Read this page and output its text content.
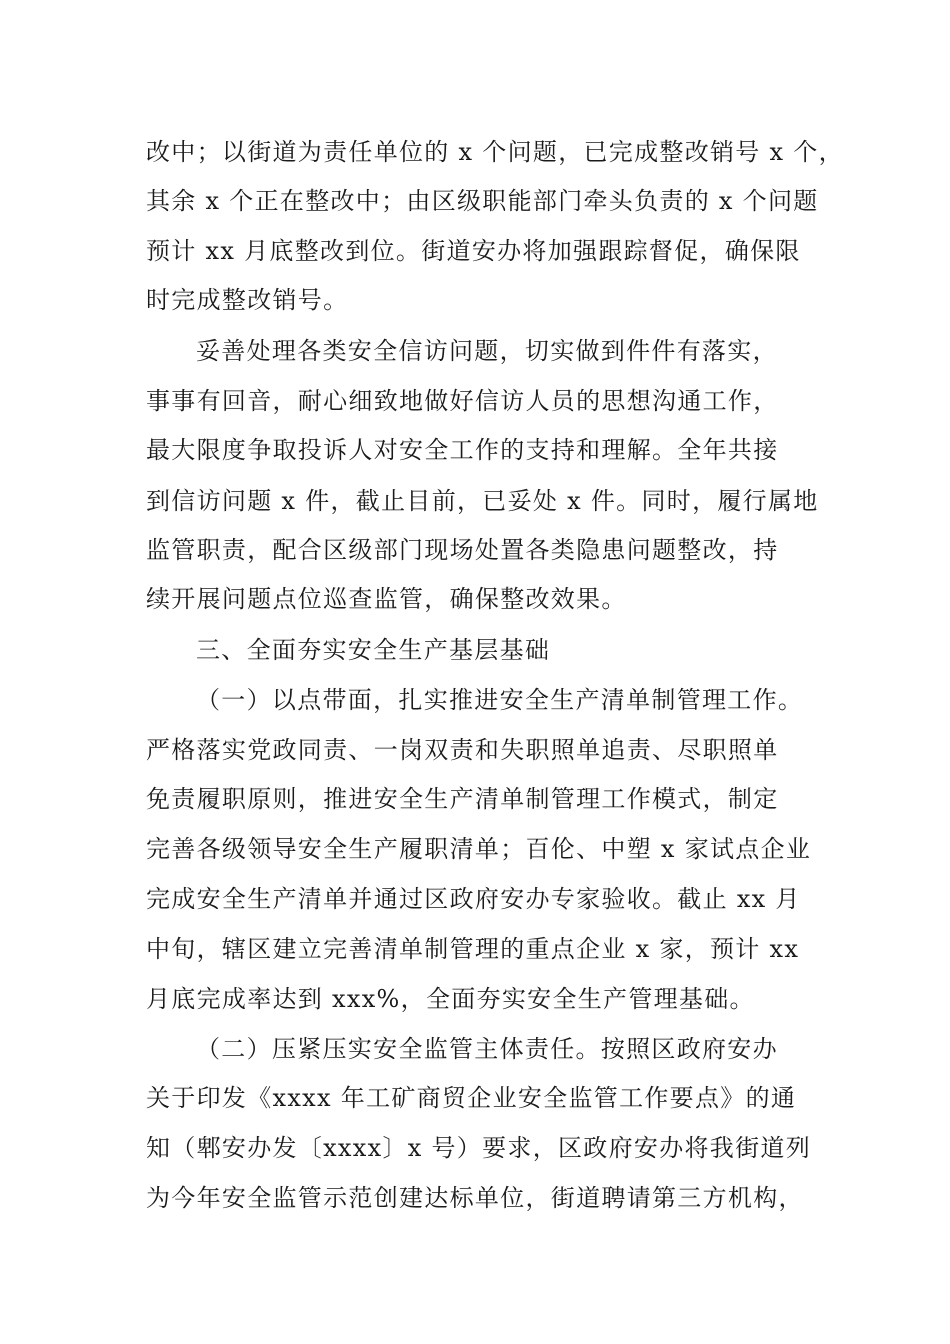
改中；以街道为责任单位的 x 个问题，已完成整改销号 x 个，
其余 x 个正在整改中；由区级职能部门牵头负责的 x 个问题
预计 xx 月底整改到位。街道安办将加强跟踪督促，确保限
时完成整改销号。
妥善处理各类安全信访问题，切实做到件件有落实，
事事有回音，耐心细致地做好信访人员的思想沟通工作，
最大限度争取投诉人对安全工作的支持和理解。全年共接
到信访问题 x 件，截止目前，已妥处 x 件。同时，履行属地
监管职责，配合区级部门现场处置各类隐患问题整改，持
续开展问题点位巡查监管，确保整改效果。
三、全面夯实安全生产基层基础
（一）以点带面，扎实推进安全生产清单制管理工作。
严格落实党政同责、一岗双责和失职照单追责、尽职照单
免责履职原则，推进安全生产清单制管理工作模式，制定
完善各级领导安全生产履职清单；百伦、中塑 x 家试点企业
完成安全生产清单并通过区政府安办专家验收。截止 xx 月
中旬，辖区建立完善清单制管理的重点企业 x 家，预计 xx
月底完成率达到 xxx%，全面夯实安全生产管理基础。
（二）压紧压实安全监管主体责任。按照区政府安办
关于印发《xxxx 年工矿商贸企业安全监管工作要点》的通
知（郫安办发〔xxxx〕x 号）要求，区政府安办将我街道列
为今年安全监管示范创建达标单位，街道聘请第三方机构，
